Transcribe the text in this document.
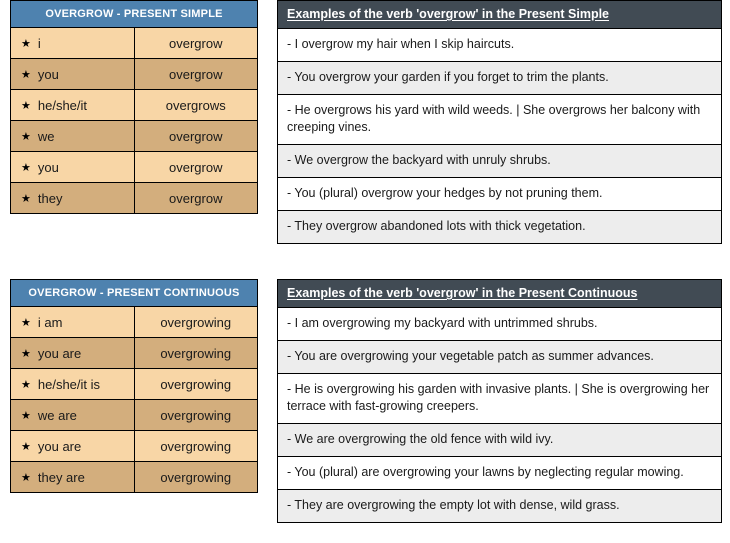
OVERGROW - PRESENT SIMPLE	
★ i	overgrow
★ you	overgrow
★ he/she/it	overgrows
★ we	overgrow
★ you	overgrow
★ they	overgrow
Examples of the verb 'overgrow' in the Present Simple
- I overgrow my hair when I skip haircuts.
- You overgrow your garden if you forget to trim the plants.
- He overgrows his yard with wild weeds. | She overgrows her balcony with creeping vines.
- We overgrow the backyard with unruly shrubs.
- You (plural) overgrow your hedges by not pruning them.
- They overgrow abandoned lots with thick vegetation.
OVERGROW - PRESENT CONTINUOUS	
★ i am	overgrowing
★ you are	overgrowing
★ he/she/it is	overgrowing
★ we are	overgrowing
★ you are	overgrowing
★ they are	overgrowing
Examples of the verb 'overgrow' in the Present Continuous
- I am overgrowing my backyard with untrimmed shrubs.
- You are overgrowing your vegetable patch as summer advances.
- He is overgrowing his garden with invasive plants. | She is overgrowing her terrace with fast-growing creepers.
- We are overgrowing the old fence with wild ivy.
- You (plural) are overgrowing your lawns by neglecting regular mowing.
- They are overgrowing the empty lot with dense, wild grass.
